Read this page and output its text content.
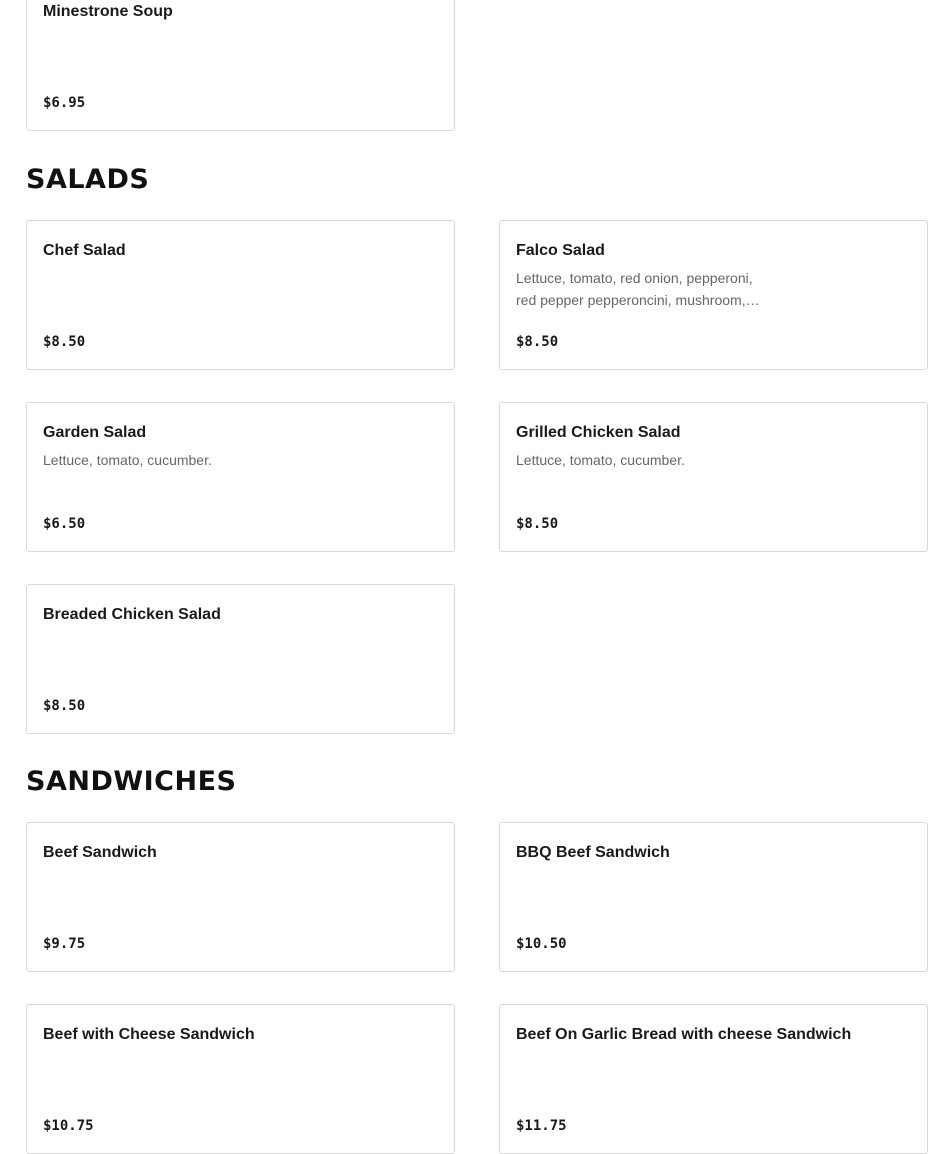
Minestrone Soup
$6.95
SALADS
Chef Salad
$8.50
Falco Salad
Lettuce, tomato, red onion, pepperoni, red pepper pepperoncini, mushroom,…
$8.50
Garden Salad
Lettuce, tomato, cucumber.
$6.50
Grilled Chicken Salad
Lettuce, tomato, cucumber.
$8.50
Breaded Chicken Salad
$8.50
SANDWICHES
Beef Sandwich
$9.75
BBQ Beef Sandwich
$10.50
Beef with Cheese Sandwich
$10.75
Beef On Garlic Bread with cheese Sandwich
$11.75
